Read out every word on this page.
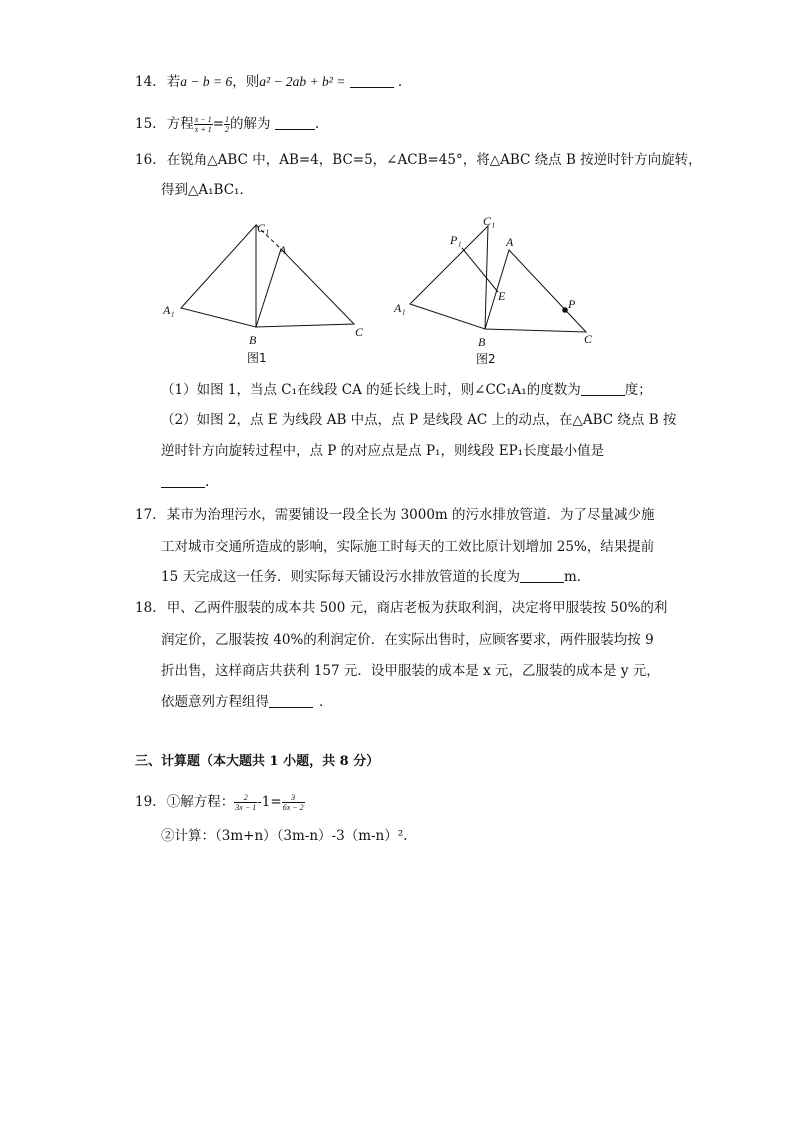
14. 若a − b = 6，则a² − 2ab + b² =	.
15. 方程 $\frac{x - 1}{x + 1} = \frac{1}{2}$ 的解为	.
16. 在锐角△ABC 中，AB=4，BC=5，∠ACB=45°，将△ABC 绕点 B 按逆时针方向旋转，
得到△A₁BC₁．
C₁
A
A₁
B
C
图1
C₁
P₁	A
A₁
E
P
B	C
图2
（1）如图 1，当点 C₁在线段 CA 的延长线上时，则∠CC₁A₁的度数为	度；
（2）如图 2，点 E 为线段 AB 中点，点 P 是线段 AC 上的动点，在△ABC 绕点 B 按
逆时针方向旋转过程中，点 P 的对应点是点 P₁，则线段 EP₁长度最小值是
.
17. 某市为治理污水，需要铺设一段全长为 3000m 的污水排放管道．为了尽量减少施
工对城市交通所造成的影响，实际施工时每天的工效比原计划增加 25%，结果提前
15 天完成这一任务．则实际每天铺设污水排放管道的长度为	m．
18. 甲、乙两件服装的成本共 500 元，商店老板为获取利润，决定将甲服装按 50%的利
润定价，乙服装按 40%的利润定价．在实际出售时，应顾客要求，两件服装均按 9
折出售，这样商店共获利 157 元．设甲服装的成本是 x 元，乙服装的成本是 y 元，
依题意列方程组得	．
三、计算题（本大题共 1 小题，共 8 分）
19. ①解方程： $\frac{2}{3x - 1} -1= \frac{3}{6x - 2}$
②计算：（3m+n）（3m-n）-3（m-n）².
